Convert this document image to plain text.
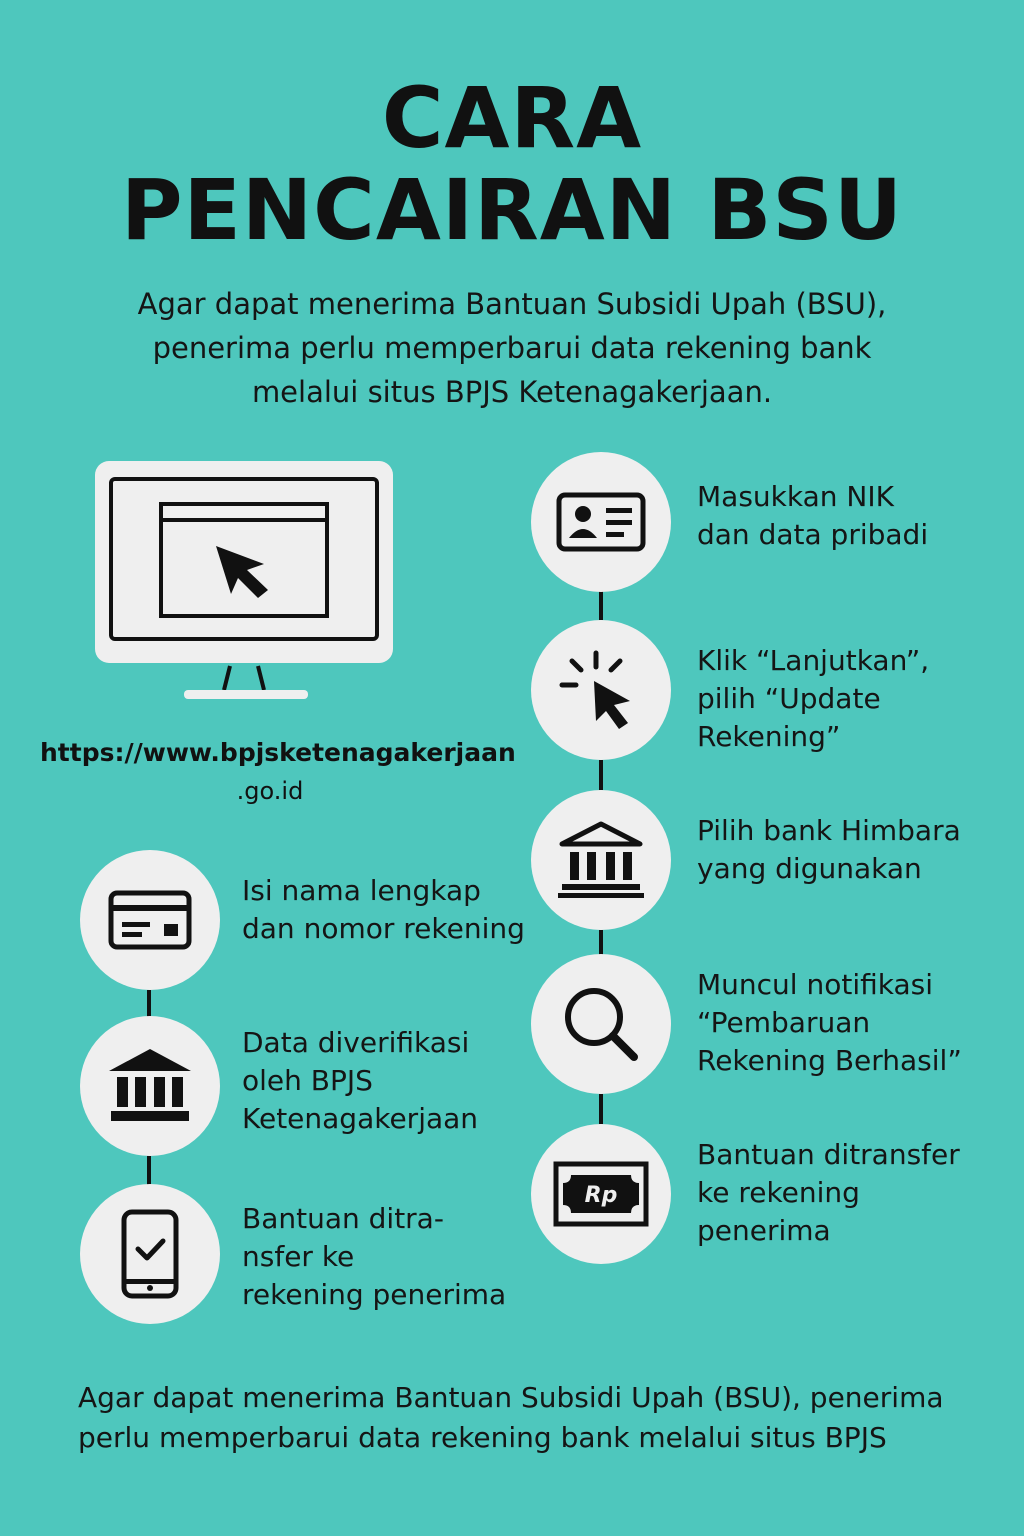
CARA
PENCAIRAN BSU

Agar dapat menerima Bantuan Subsidi Upah (BSU),
penerima perlu memperbarui data rekening bank
melalui situs BPJS Ketenagakerjaan.

https://www.bpjsketenagakerjaan
.go.id
Masukkan NIK
dan data pribadi
Klik “Lanjutkan”,
pilih “Update
Rekening”
Pilih bank Himbara
yang digunakan
Muncul notifikasi
“Pembaruan
Rekening Berhasil”
Rp
Bantuan ditransfer
ke rekening
penerima
Isi nama lengkap
dan nomor rekening
Data diverifikasi
oleh BPJS
Ketenagakerjaan
Bantuan ditra-
nsfer ke
rekening penerima

Agar dapat menerima Bantuan Subsidi Upah (BSU), penerima
perlu memperbarui data rekening bank melalui situs BPJS
